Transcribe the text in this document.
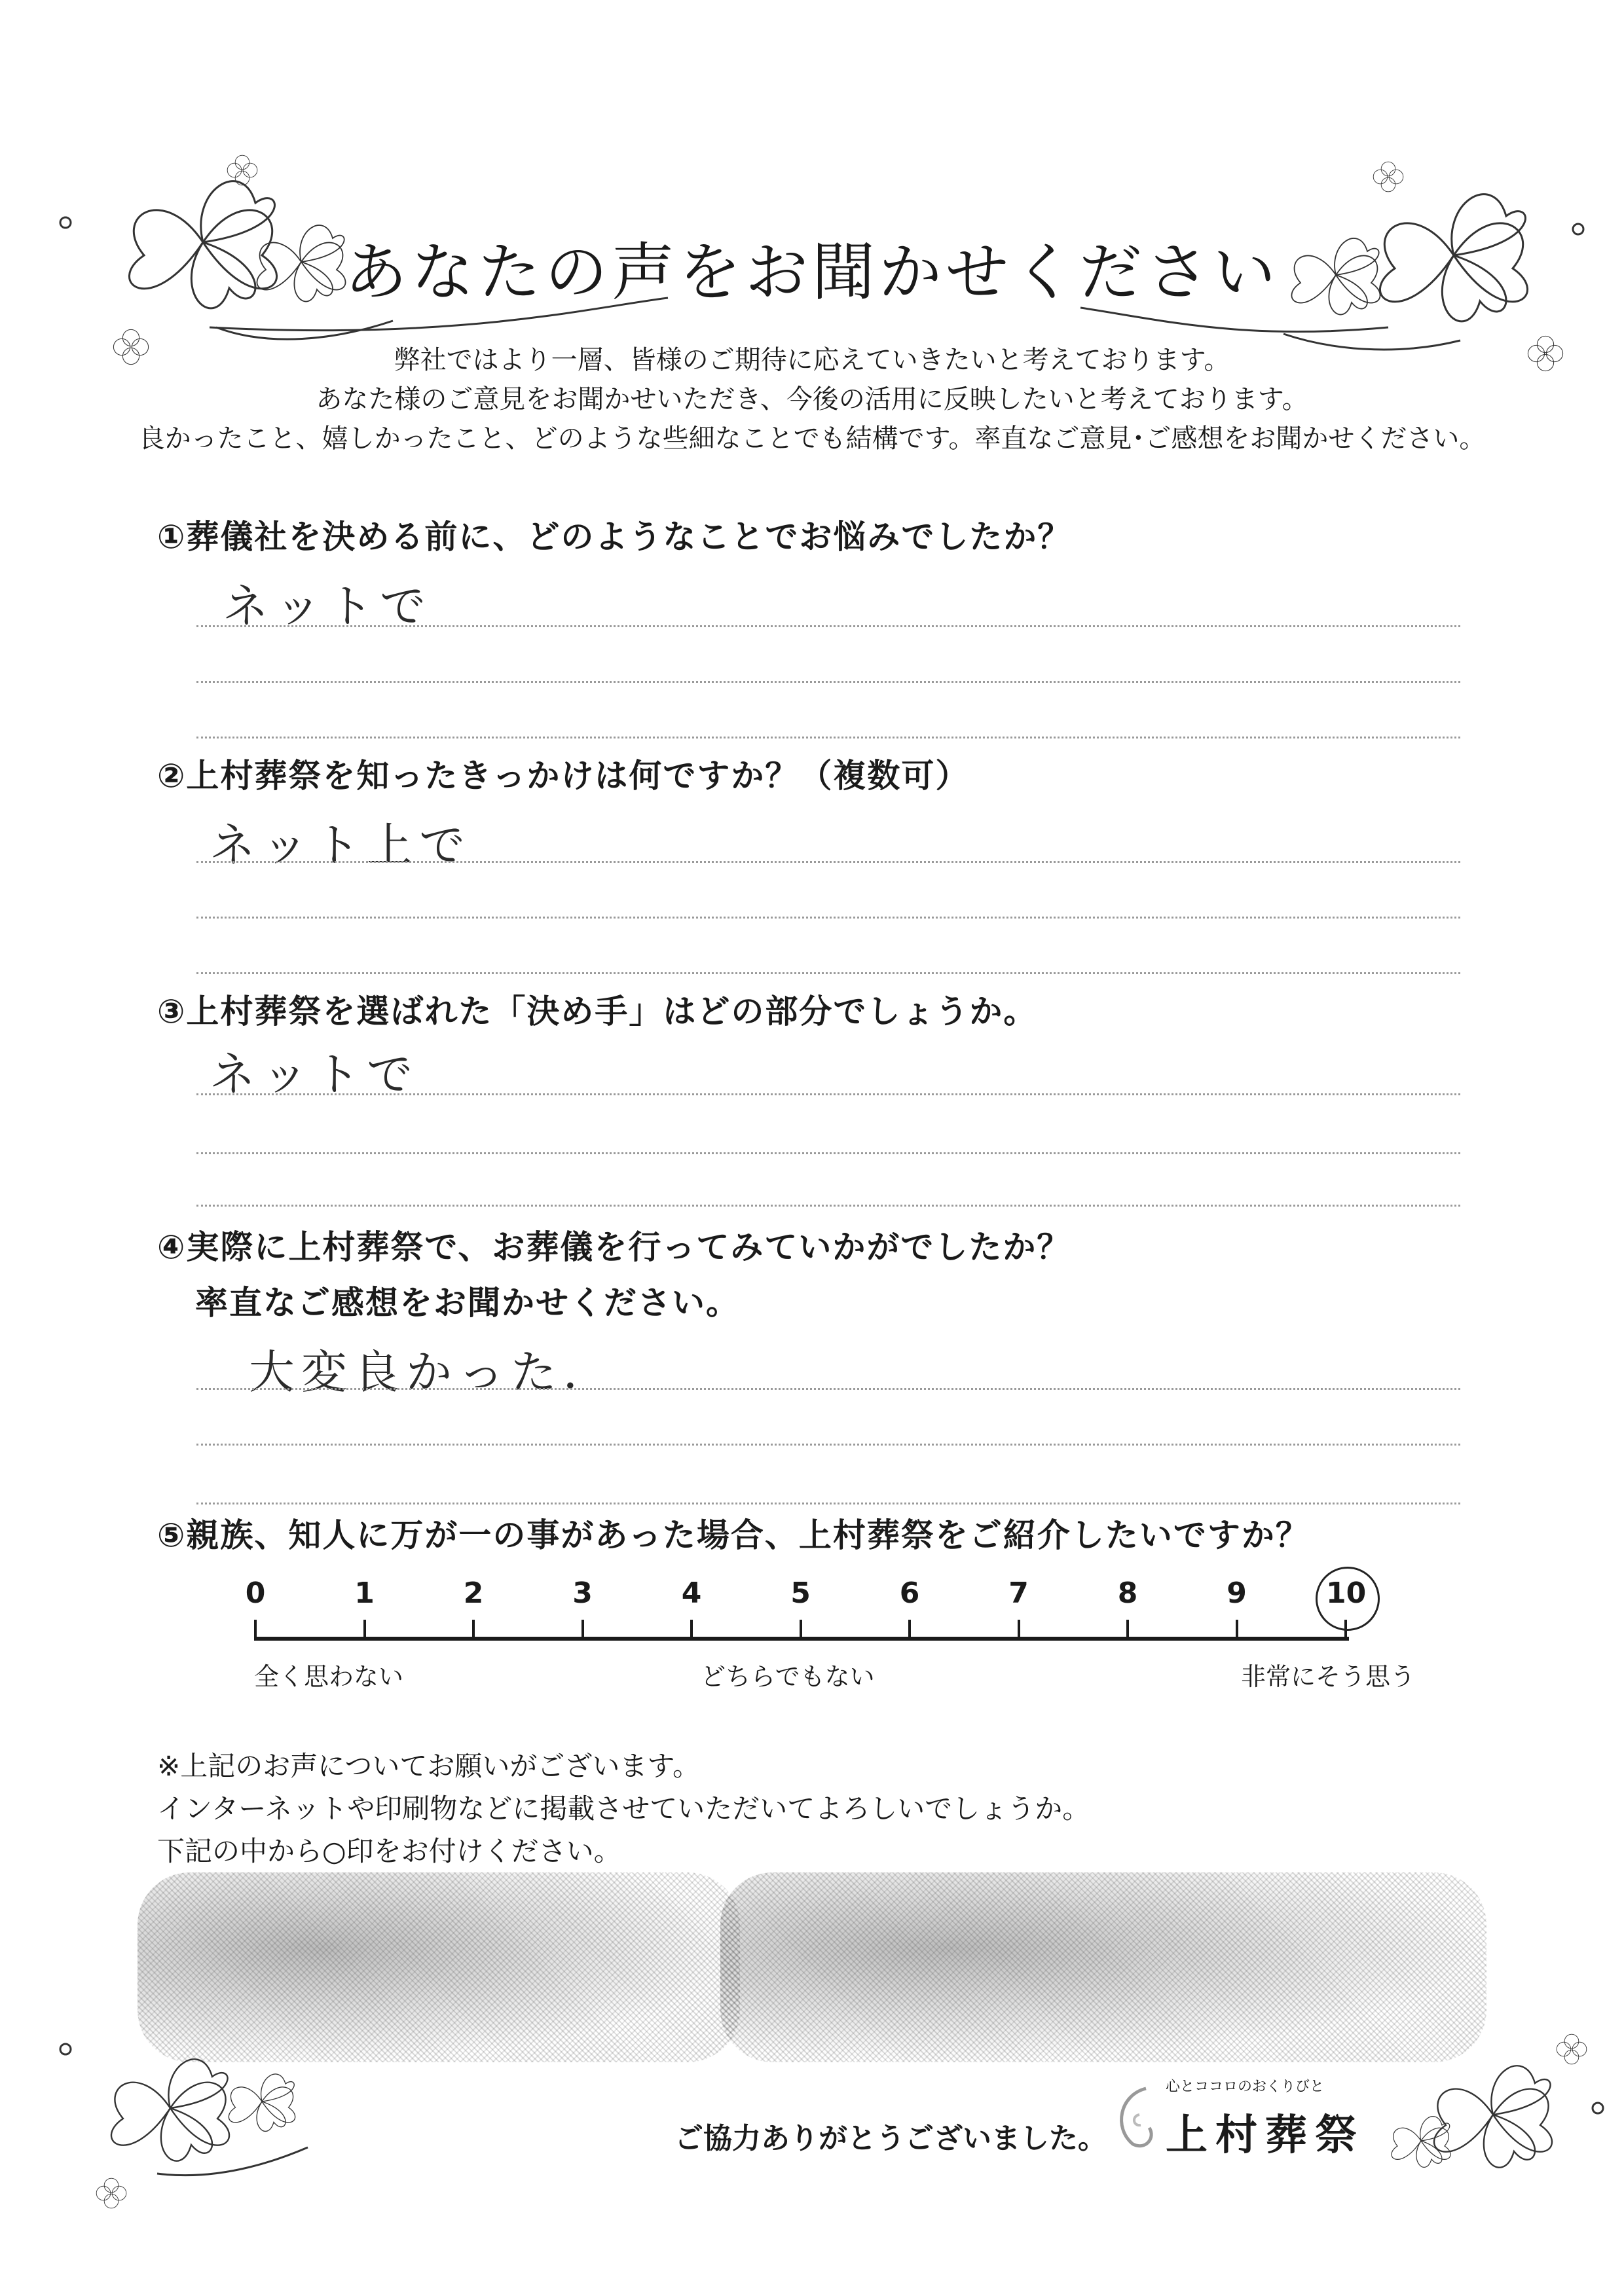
あなたの声をお聞かせください
弊社ではより一層、皆様のご期待に応えていきたいと考えております。
あなた様のご意見をお聞かせいただき、今後の活用に反映したいと考えております。
良かったこと、嬉しかったこと、どのような些細なことでも結構です。率直なご意見･ご感想をお聞かせください。
①葬儀社を決める前に、どのようなことでお悩みでしたか？
ネットで
②上村葬祭を知ったきっかけは何ですか？（複数可）
ネット上で
③上村葬祭を選ばれた「決め手」はどの部分でしょうか。
ネットで
④実際に上村葬祭で、お葬儀を行ってみていかがでしたか？
率直なご感想をお聞かせください。
大変良かった．
⑤親族、知人に万が一の事があった場合、上村葬祭をご紹介したいですか？
0	1	2	3	4	5	6	7	8	9	10
全く思わない	どちらでもない	非常にそう思う
※上記のお声についてお願いがございます。
インターネットや印刷物などに掲載させていただいてよろしいでしょうか。
下記の中から○印をお付けください。
ご協力ありがとうございました。
心とココロのおくりびと
上村葬祭
